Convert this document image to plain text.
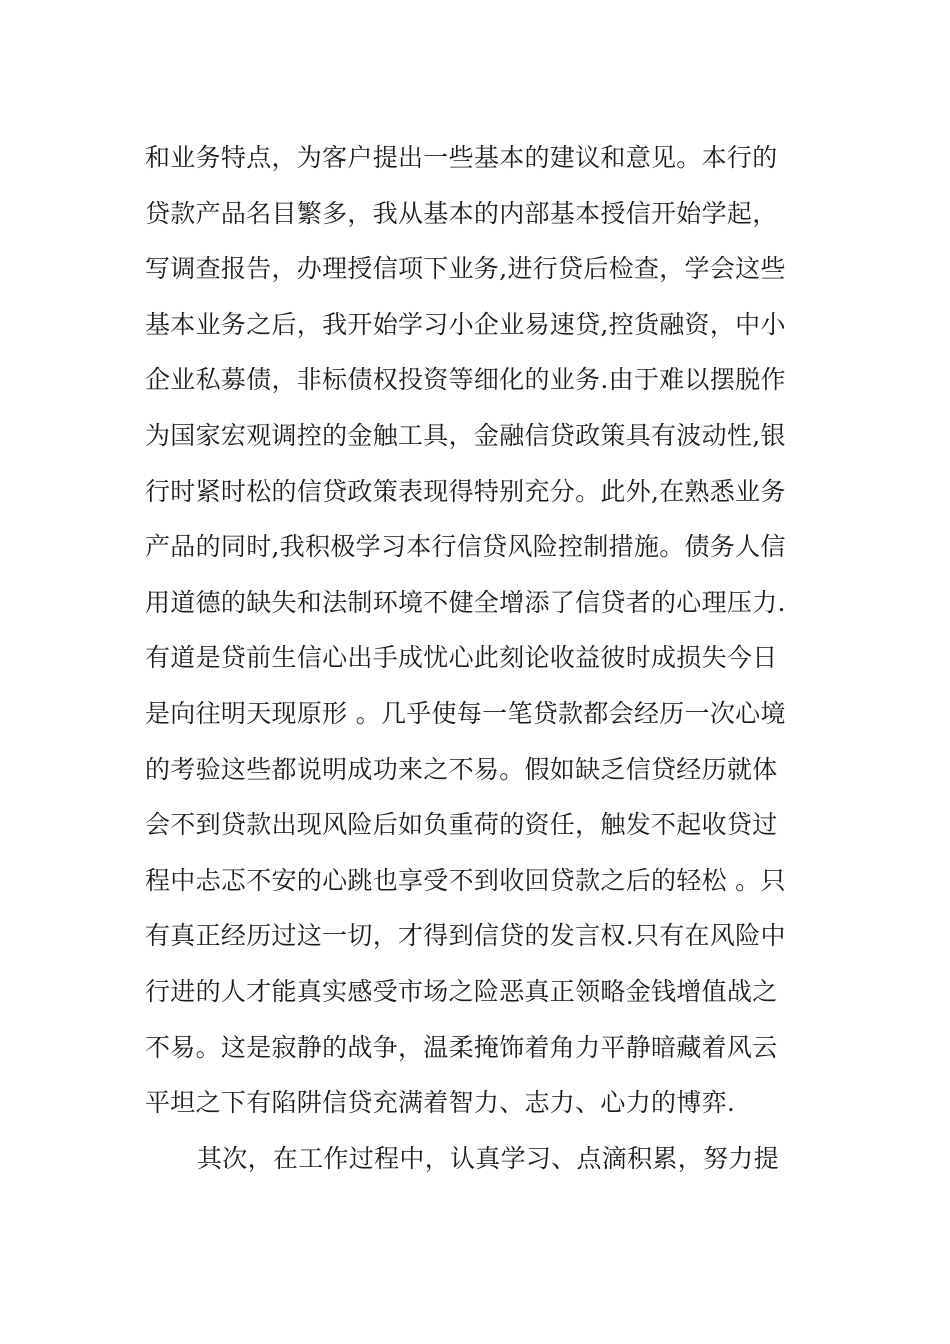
和业务特点，为客户提出一些基本的建议和意见。本行的
贷款产品名目繁多，我从基本的内部基本授信开始学起，
写调查报告，办理授信项下业务,进行贷后检查，学会这些
基本业务之后，我开始学习小企业易速贷,控货融资，中小
企业私募债，非标债权投资等细化的业务.由于难以摆脱作
为国家宏观调控的金触工具，金融信贷政策具有波动性,银
行时紧时松的信贷政策表现得特别充分。此外,在熟悉业务
产品的同时,我积极学习本行信贷风险控制措施。债务人信
用道德的缺失和法制环境不健全增添了信贷者的心理压力.
有道是贷前生信心出手成忧心此刻论收益彼时成损失今日
是向往明天现原形 。几乎使每一笔贷款都会经历一次心境
的考验这些都说明成功来之不易。假如缺乏信贷经历就体
会不到贷款出现风险后如负重荷的资任，触发不起收贷过
程中忐忑不安的心跳也享受不到收回贷款之后的轻松 。只
有真正经历过这一切，才得到信贷的发言权.只有在风险中
行进的人才能真实感受市场之险恶真正领略金钱增值战之
不易。这是寂静的战争，温柔掩饰着角力平静暗藏着风云
平坦之下有陷阱信贷充满着智力、志力、心力的博弈.
其次，在工作过程中，认真学习、点滴积累，努力提
